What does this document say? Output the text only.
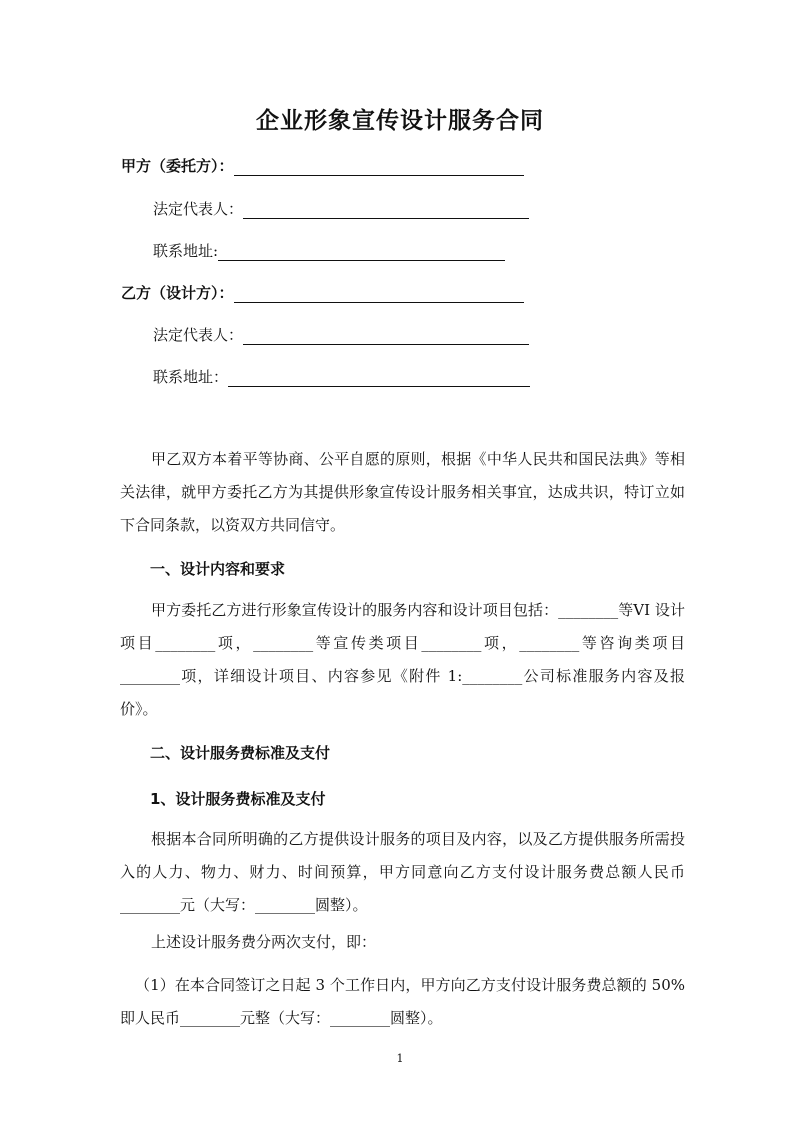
企业形象宣传设计服务合同
甲方（委托方）：
法定代表人：
联系地址:
乙方（设计方）：
法定代表人：
联系地址：

甲乙双方本着平等协商、公平自愿的原则，根据《中华人民共和国民法典》等相关法律，就甲方委托乙方为其提供形象宣传设计服务相关事宜，达成共识，特订立如下合同条款，以资双方共同信守。

一、设计内容和要求

甲方委托乙方进行形象宣传设计的服务内容和设计项目包括：________等VI 设计项目________项，________等宣传类项目________项，________等咨询类项目________项，详细设计项目、内容参见《附件 1:________公司标准服务内容及报价》。

二、设计服务费标准及支付
1、设计服务费标准及支付

根据本合同所明确的乙方提供设计服务的项目及内容，以及乙方提供服务所需投入的人力、物力、财力、时间预算，甲方同意向乙方支付设计服务费总额人民币________元（大写：________圆整）。

上述设计服务费分两次支付，即：

（1）在本合同签订之日起 3 个工作日内，甲方向乙方支付设计服务费总额的 50%即人民币________元整（大写：________圆整）。

1
